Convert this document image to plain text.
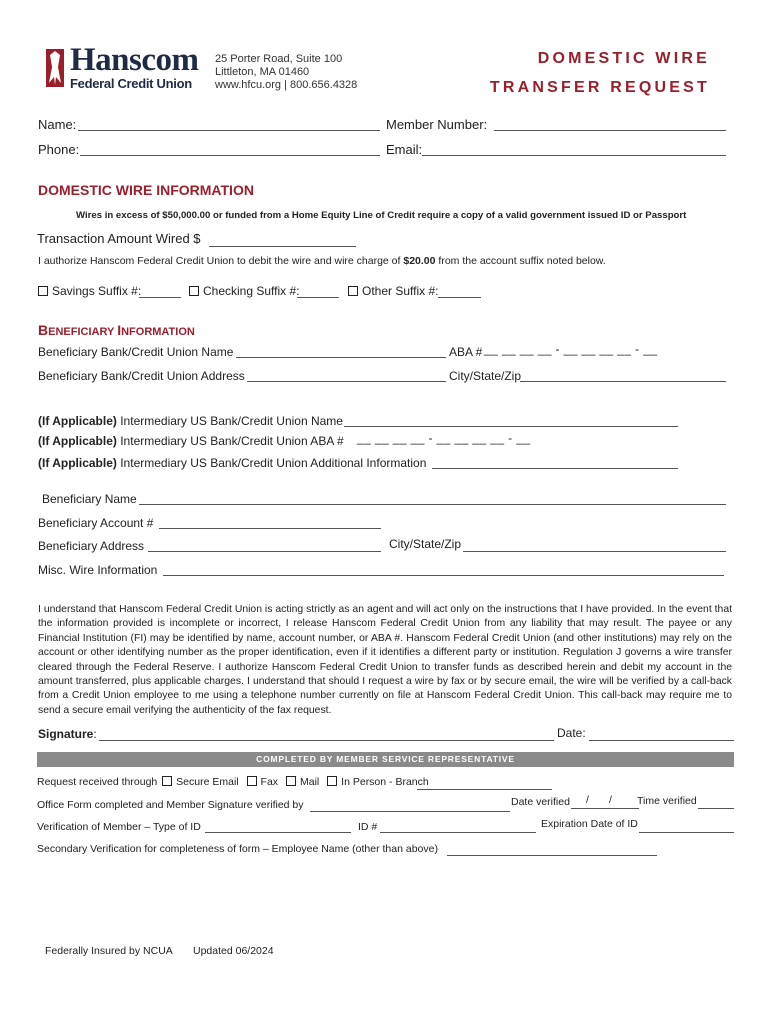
Hanscom
Federal Credit Union
25 Porter Road, Suite 100
Littleton, MA 01460
www.hfcu.org | 800.656.4328
DOMESTIC WIRE
TRANSFER REQUEST
Name:	Member Number:
Phone:	Email:
DOMESTIC WIRE INFORMATION
Wires in excess of $50,000.00 or funded from a Home Equity Line of Credit require a copy of a valid government issued ID or Passport
Transaction Amount Wired $
I authorize Hanscom Federal Credit Union to debit the wire and wire charge of $20.00 from the account suffix noted below.
Savings Suffix #:	Checking Suffix #:	Other Suffix #:
BENEFICIARY INFORMATION
Beneficiary Bank/Credit Union Name	ABA # __ __ __ __ - __ __ __ __ - __
Beneficiary Bank/Credit Union Address	City/State/Zip
(If Applicable) Intermediary US Bank/Credit Union Name
(If Applicable) Intermediary US Bank/Credit Union ABA # __ __ __ __ - __ __ __ __ - __
(If Applicable) Intermediary US Bank/Credit Union Additional Information
Beneficiary Name
Beneficiary Account #
Beneficiary Address	City/State/Zip
Misc. Wire Information
I understand that Hanscom Federal Credit Union is acting strictly as an agent and will act only on the instructions that I have provided. In the event that the information provided is incomplete or incorrect, I release Hanscom Federal Credit Union from any liability that may result. The payee or any Financial Institution (FI) may be identified by name, account number, or ABA #. Hanscom Federal Credit Union (and other institutions) may rely on the account or other identifying number as the proper identification, even if it identifies a different party or institution. Regulation J governs a wire transfer cleared through the Federal Reserve. I authorize Hanscom Federal Credit Union to transfer funds as described herein and debit my account in the amount transferred, plus applicable charges. I understand that should I request a wire by fax or by secure email, the wire will be verified by a call-back from a Credit Union employee to me using a telephone number currently on file at Hanscom Federal Credit Union. This call-back may require me to send a secure email verifying the authenticity of the fax request.
Signature:	Date:
COMPLETED BY MEMBER SERVICE REPRESENTATIVE
Request received through Secure Email Fax Mail In Person - Branch
Office Form completed and Member Signature verified by	Date verified / / Time verified
Verification of Member – Type of ID	ID #	Expiration Date of ID
Secondary Verification for completeness of form – Employee Name (other than above)
Federally Insured by NCUA Updated 06/2024
